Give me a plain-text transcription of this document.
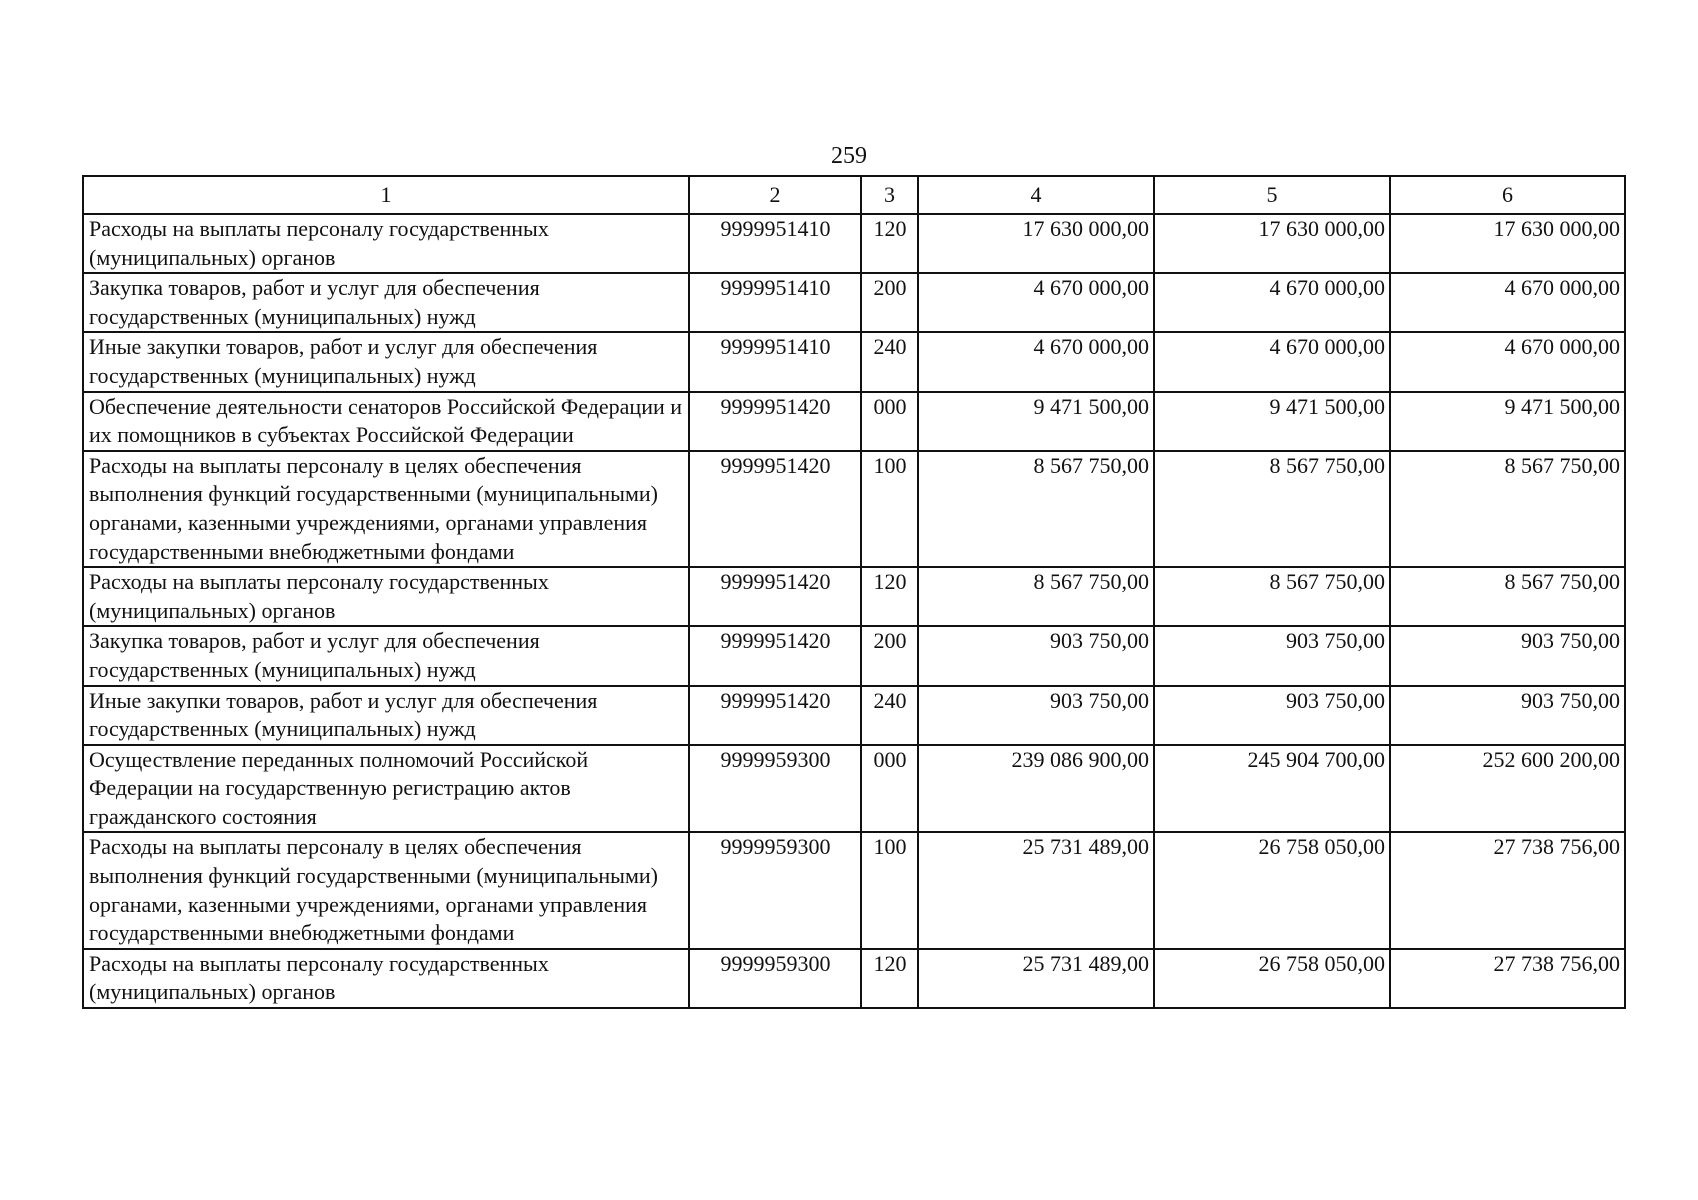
259
1	2	3	4	5	6
Расходы на выплаты персоналу государственных (муниципальных) органов	9999951410	120	17 630 000,00	17 630 000,00	17 630 000,00
Закупка товаров, работ и услуг для обеспечения государственных (муниципальных) нужд	9999951410	200	4 670 000,00	4 670 000,00	4 670 000,00
Иные закупки товаров, работ и услуг для обеспечения государственных (муниципальных) нужд	9999951410	240	4 670 000,00	4 670 000,00	4 670 000,00
Обеспечение деятельности сенаторов Российской Федерации и их помощников в субъектах Российской Федерации	9999951420	000	9 471 500,00	9 471 500,00	9 471 500,00
Расходы на выплаты персоналу в целях обеспечения выполнения функций государственными (муниципальными) органами, казенными учреждениями, органами управления государственными внебюджетными фондами	9999951420	100	8 567 750,00	8 567 750,00	8 567 750,00
Расходы на выплаты персоналу государственных (муниципальных) органов	9999951420	120	8 567 750,00	8 567 750,00	8 567 750,00
Закупка товаров, работ и услуг для обеспечения государственных (муниципальных) нужд	9999951420	200	903 750,00	903 750,00	903 750,00
Иные закупки товаров, работ и услуг для обеспечения государственных (муниципальных) нужд	9999951420	240	903 750,00	903 750,00	903 750,00
Осуществление переданных полномочий Российской Федерации на государственную регистрацию актов гражданского состояния	9999959300	000	239 086 900,00	245 904 700,00	252 600 200,00
Расходы на выплаты персоналу в целях обеспечения выполнения функций государственными (муниципальными) органами, казенными учреждениями, органами управления государственными внебюджетными фондами	9999959300	100	25 731 489,00	26 758 050,00	27 738 756,00
Расходы на выплаты персоналу государственных (муниципальных) органов	9999959300	120	25 731 489,00	26 758 050,00	27 738 756,00
